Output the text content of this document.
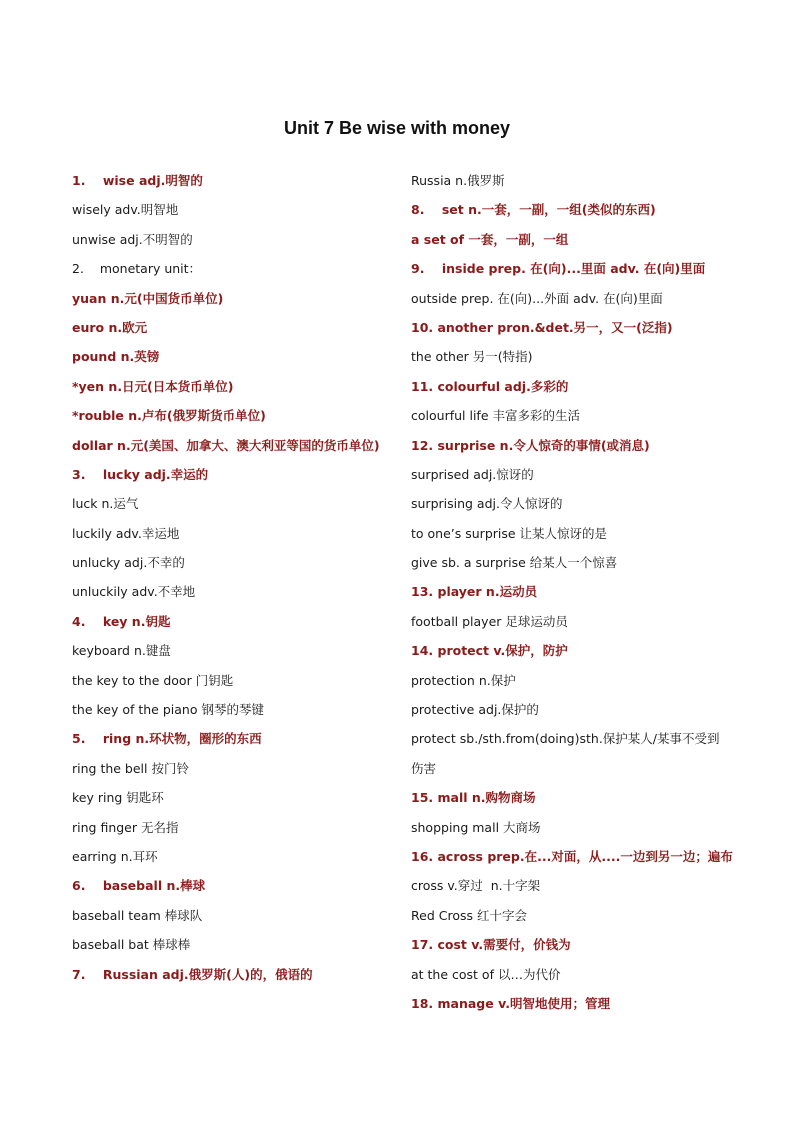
Unit 7 Be wise with money
1.    wise adj.明智的
wisely adv.明智地
unwise adj.不明智的
2.    monetary unit：
yuan n.元(中国货币单位)
euro n.欧元
pound n.英镑
*yen n.日元(日本货币单位)
*rouble n.卢布(俄罗斯货币单位)
dollar n.元(美国、加拿大、澳大利亚等国的货币单位)
3.    lucky adj.幸运的
luck n.运气
luckily adv.幸运地
unlucky adj.不幸的
unluckily adv.不幸地
4.    key n.钥匙
keyboard n.键盘
the key to the door 门钥匙
the key of the piano 钢琴的琴键
5.    ring n.环状物，圈形的东西
ring the bell 按门铃
key ring 钥匙环
ring finger 无名指
earring n.耳环
6.    baseball n.棒球
baseball team 棒球队
baseball bat 棒球棒
7.    Russian adj.俄罗斯(人)的，俄语的
Russia n.俄罗斯
8.    set n.一套，一副，一组(类似的东西)
a set of 一套，一副，一组
9.    inside prep. 在(向)...里面 adv. 在(向)里面
outside prep. 在(向)...外面 adv. 在(向)里面
10. another pron.&det.另一，又一(泛指)
the other 另一(特指)
11. colourful adj.多彩的
colourful life 丰富多彩的生活
12. surprise n.令人惊奇的事情(或消息)
surprised adj.惊讶的
surprising adj.令人惊讶的
to one’s surprise 让某人惊讶的是
give sb. a surprise 给某人一个惊喜
13. player n.运动员
football player 足球运动员
14. protect v.保护，防护
protection n.保护
protective adj.保护的
protect sb./sth.from(doing)sth.保护某人/某事不受到伤害
15. mall n.购物商场
shopping mall 大商场
16. across prep.在...对面，从....一边到另一边；遍布
cross v.穿过  n.十字架
Red Cross 红十字会
17. cost v.需要付，价钱为
at the cost of 以…为代价
18. manage v.明智地使用；管理
